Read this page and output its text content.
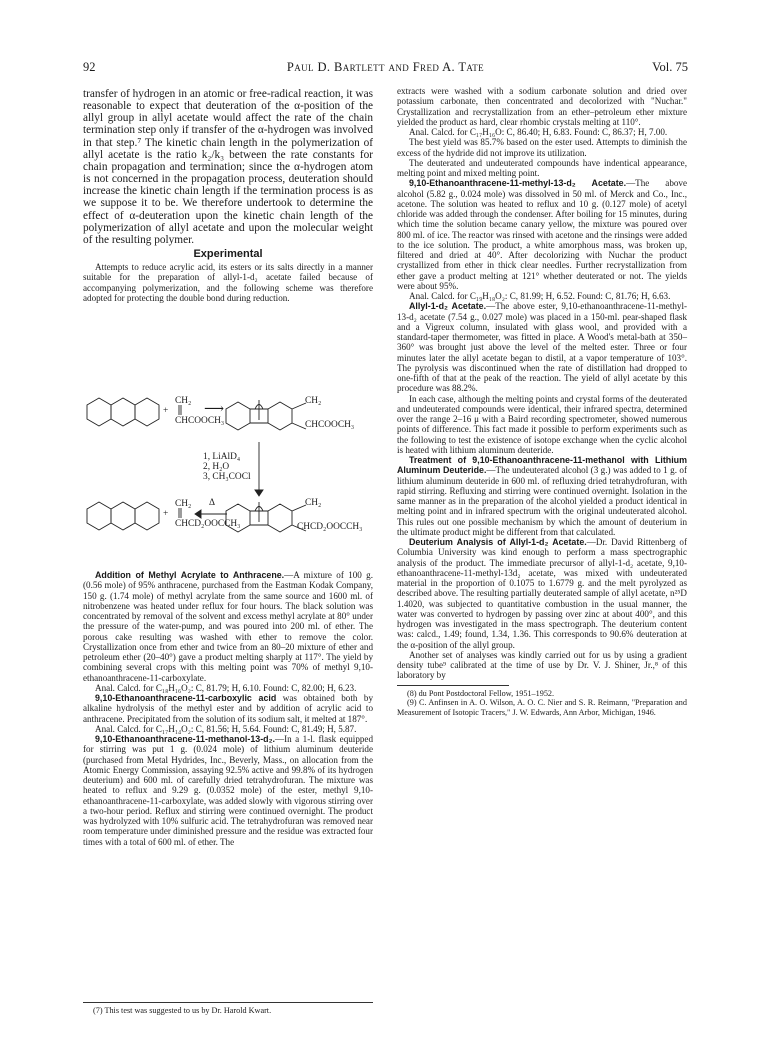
92	Paul D. Bartlett and Fred A. Tate	Vol. 75

transfer of hydrogen in an atomic or free-radical reaction, it was reasonable to expect that deuteration of the α-position of the allyl group in allyl acetate would affect the rate of the chain termination step only if transfer of the α-hydrogen was involved in that step.⁷ The kinetic chain length in the polymerization of allyl acetate is the ratio k₂/k₃ between the rate constants for chain propagation and termination; since the α-hydrogen atom is not concerned in the propagation process, deuteration should increase the kinetic chain length if the termination process is as we suppose it to be. We therefore undertook to determine the effect of α-deuteration upon the kinetic chain length of the polymerization of allyl acetate and upon the molecular weight of the resulting polymer.

Experimental

Attempts to reduce acrylic acid, its esters or its salts directly in a manner suitable for the preparation of allyl-1-d₂ acetate failed because of accompanying polymerization, and the following scheme was therefore adopted for protecting the double bond during reduction.

+
CH₂
CHCOOCH₃
⟶
CH₂
CHCOOCH₃
1, LiAlD₄
2, H₂O
3, CH₃COCl
+
CH₂
CHCD₂OOCCH₃
Δ	CH₂
CHCD₂OOCCH₃

Addition of Methyl Acrylate to Anthracene.—A mixture of 100 g. (0.56 mole) of 95% anthracene, purchased from the Eastman Kodak Company, 150 g. (1.74 mole) of methyl acrylate from the same source and 1600 ml. of nitrobenzene was heated under reflux for four hours. The black solution was concentrated by removal of the solvent and excess methyl acrylate at 80° under the pressure of the water-pump, and was poured into 200 ml. of ether. The porous cake resulting was washed with ether to remove the color. Crystallization once from ether and twice from an 80–20 mixture of ether and petroleum ether (20–40°) gave a product melting sharply at 117°. The yield by combining several crops with this melting point was 70% of methyl 9,10-ethanoanthracene-11-carboxylate.

Anal. Calcd. for C₁₈H₁₆O₂: C, 81.79; H, 6.10. Found: C, 82.00; H, 6.23.

9,10-Ethanoanthracene-11-carboxylic acid was obtained both by alkaline hydrolysis of the methyl ester and by addition of acrylic acid to anthracene. Precipitated from the solution of its sodium salt, it melted at 187°.

Anal. Calcd. for C₁₇H₁₄O₂: C, 81.56; H, 5.64. Found: C, 81.49; H, 5.87.

9,10-Ethanoanthracene-11-methanol-13-d₂.—In a 1-l. flask equipped for stirring was put 1 g. (0.024 mole) of lithium aluminum deuteride (purchased from Metal Hydrides, Inc., Beverly, Mass., on allocation from the Atomic Energy Commission, assaying 92.5% active and 99.8% of its hydrogen deuterium) and 600 ml. of carefully dried tetrahydrofuran. The mixture was heated to reflux and 9.29 g. (0.0352 mole) of the ester, methyl 9,10-ethanoanthracene-11-carboxylate, was added slowly with vigorous stirring over a two-hour period. Reflux and stirring were continued overnight. The product was hydrolyzed with 10% sulfuric acid. The tetrahydrofuran was removed near room temperature under diminished pressure and the residue was extracted four times with a total of 600 ml. of ether. The

(7) This test was suggested to us by Dr. Harold Kwart.

extracts were washed with a sodium carbonate solution and dried over potassium carbonate, then concentrated and decolorized with "Nuchar." Crystallization and recrystallization from an ether–petroleum ether mixture yielded the product as hard, clear rhombic crystals melting at 110°.

Anal. Calcd. for C₁₇H₁₆O: C, 86.40; H, 6.83. Found: C, 86.37; H, 7.00.

The best yield was 85.7% based on the ester used. Attempts to diminish the excess of the hydride did not improve its utilization.

The deuterated and undeuterated compounds have indentical appearance, melting point and mixed melting point.

9,10-Ethanoanthracene-11-methyl-13-d₂ Acetate.—The above alcohol (5.82 g., 0.024 mole) was dissolved in 50 ml. of Merck and Co., Inc., acetone. The solution was heated to reflux and 10 g. (0.127 mole) of acetyl chloride was added through the condenser. After boiling for 15 minutes, during which time the solution became canary yellow, the mixture was poured over 800 ml. of ice. The reactor was rinsed with acetone and the rinsings were added to the ice solution. The product, a white amorphous mass, was broken up, filtered and dried at 40°. After decolorizing with Nuchar the product crystallized from ether in thick clear needles. Further recrystallization from ether gave a product melting at 121° whether deuterated or not. The yields were about 95%.

Anal. Calcd. for C₁₉H₁₈O₂: C, 81.99; H, 6.52. Found: C, 81.76; H, 6.63.

Allyl-1-d₂ Acetate.—The above ester, 9,10-ethanoanthracene-11-methyl-13-d₂ acetate (7.54 g., 0.027 mole) was placed in a 150-ml. pear-shaped flask and a Vigreux column, insulated with glass wool, and provided with a standard-taper thermometer, was fitted in place. A Wood's metal-bath at 350–360° was brought just above the level of the melted ester. Three or four minutes later the allyl acetate began to distil, at a vapor temperature of 103°. The pyrolysis was discontinued when the rate of distillation had dropped to one-fifth of that at the peak of the reaction. The yield of allyl acetate by this procedure was 88.2%.

In each case, although the melting points and crystal forms of the deuterated and undeuterated compounds were identical, their infrared spectra, determined over the range 2–16 μ with a Baird recording spectrometer, showed numerous points of difference. This fact made it possible to perform experiments such as the following to test the existence of isotope exchange when the cyclic alcohol is heated with lithium aluminum deuteride.

Treatment of 9,10-Ethanoanthracene-11-methanol with Lithium Aluminum Deuteride.—The undeuterated alcohol (3 g.) was added to 1 g. of lithium aluminum deuteride in 600 ml. of refluxing dried tetrahydrofuran, with rapid stirring. Refluxing and stirring were continued overnight. Isolation in the same manner as in the preparation of the alcohol yielded a product identical in melting point and in infrared spectrum with the original undeuterated alcohol. This rules out one possible mechanism by which the amount of deuterium in the ultimate product might be different from that calculated.

Deuterium Analysis of Allyl-1-d₂ Acetate.—Dr. David Rittenberg of Columbia University was kind enough to perform a mass spectrographic analysis of the product. The immediate precursor of allyl-1-d₂ acetate, 9,10-ethanoanthracene-11-methyl-13d₂ acetate, was mixed with undeuterated material in the proportion of 0.1075 to 1.6779 g. and the melt pyrolyzed as described above. The resulting partially deuterated sample of allyl acetate, n²⁵D 1.4020, was subjected to quantitative combustion in the usual manner, the water was converted to hydrogen by passing over zinc at about 400°, and this hydrogen was investigated in the mass spectrograph. The deuterium content was: calcd., 1.49; found, 1.34, 1.36. This corresponds to 90.6% deuteration at the α-position of the allyl group.

Another set of analyses was kindly carried out for us by using a gradient density tube⁹ calibrated at the time of use by Dr. V. J. Shiner, Jr.,⁸ of this laboratory by

(8) du Pont Postdoctoral Fellow, 1951–1952.

(9) C. Anfinsen in A. O. Wilson, A. O. C. Nier and S. R. Reimann, "Preparation and Measurement of Isotopic Tracers," J. W. Edwards, Ann Arbor, Michigan, 1946.
